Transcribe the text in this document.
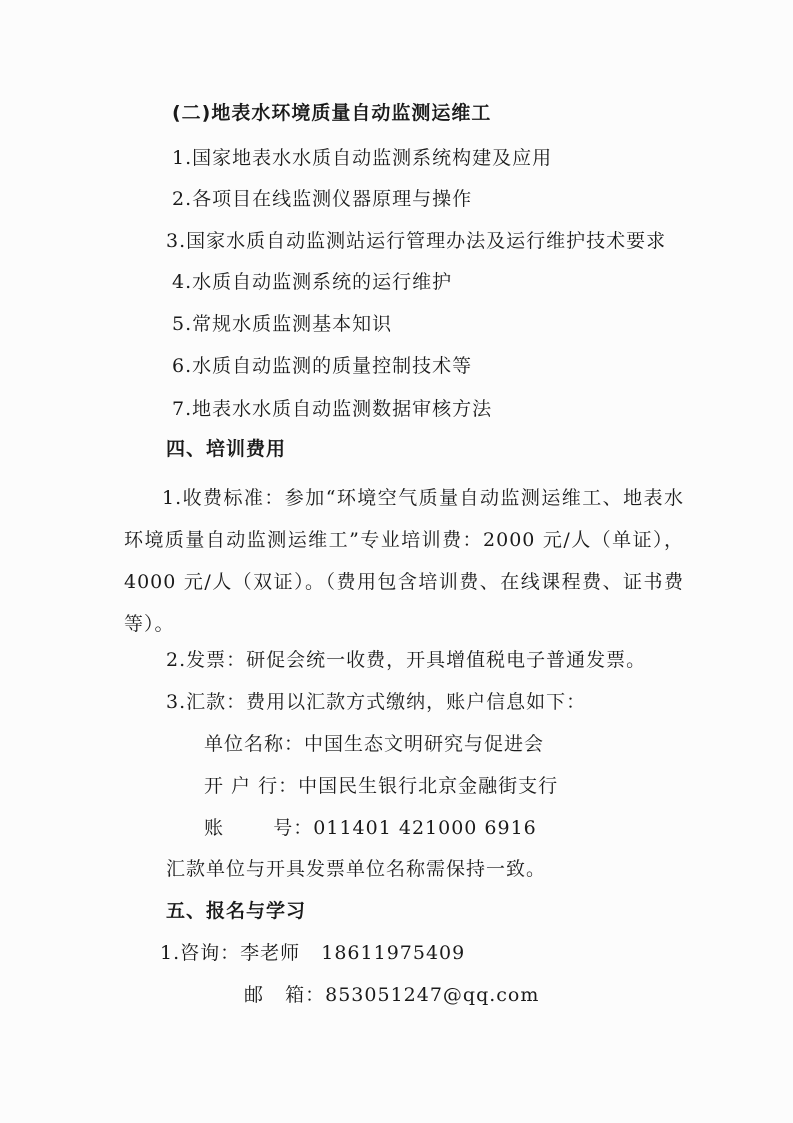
(二)地表水环境质量自动监测运维工
1.国家地表水水质自动监测系统构建及应用
2.各项目在线监测仪器原理与操作
3.国家水质自动监测站运行管理办法及运行维护技术要求
4.水质自动监测系统的运行维护
5.常规水质监测基本知识
6.水质自动监测的质量控制技术等
7.地表水水质自动监测数据审核方法
四、培训费用
1.收费标准：参加“环境空气质量自动监测运维工、地表水环境质量自动监测运维工”专业培训费：2000 元/人（单证），4000 元/人（双证）。（费用包含培训费、在线课程费、证书费等）。
2.发票：研促会统一收费，开具增值税电子普通发票。
3.汇款：费用以汇款方式缴纳，账户信息如下：
单位名称：中国生态文明研究与促进会
开 户 行：中国民生银行北京金融街支行
账       号：011401 421000 6916
汇款单位与开具发票单位名称需保持一致。
五、报名与学习
1.咨询：李老师   18611975409
邮   箱：853051247@qq.com
